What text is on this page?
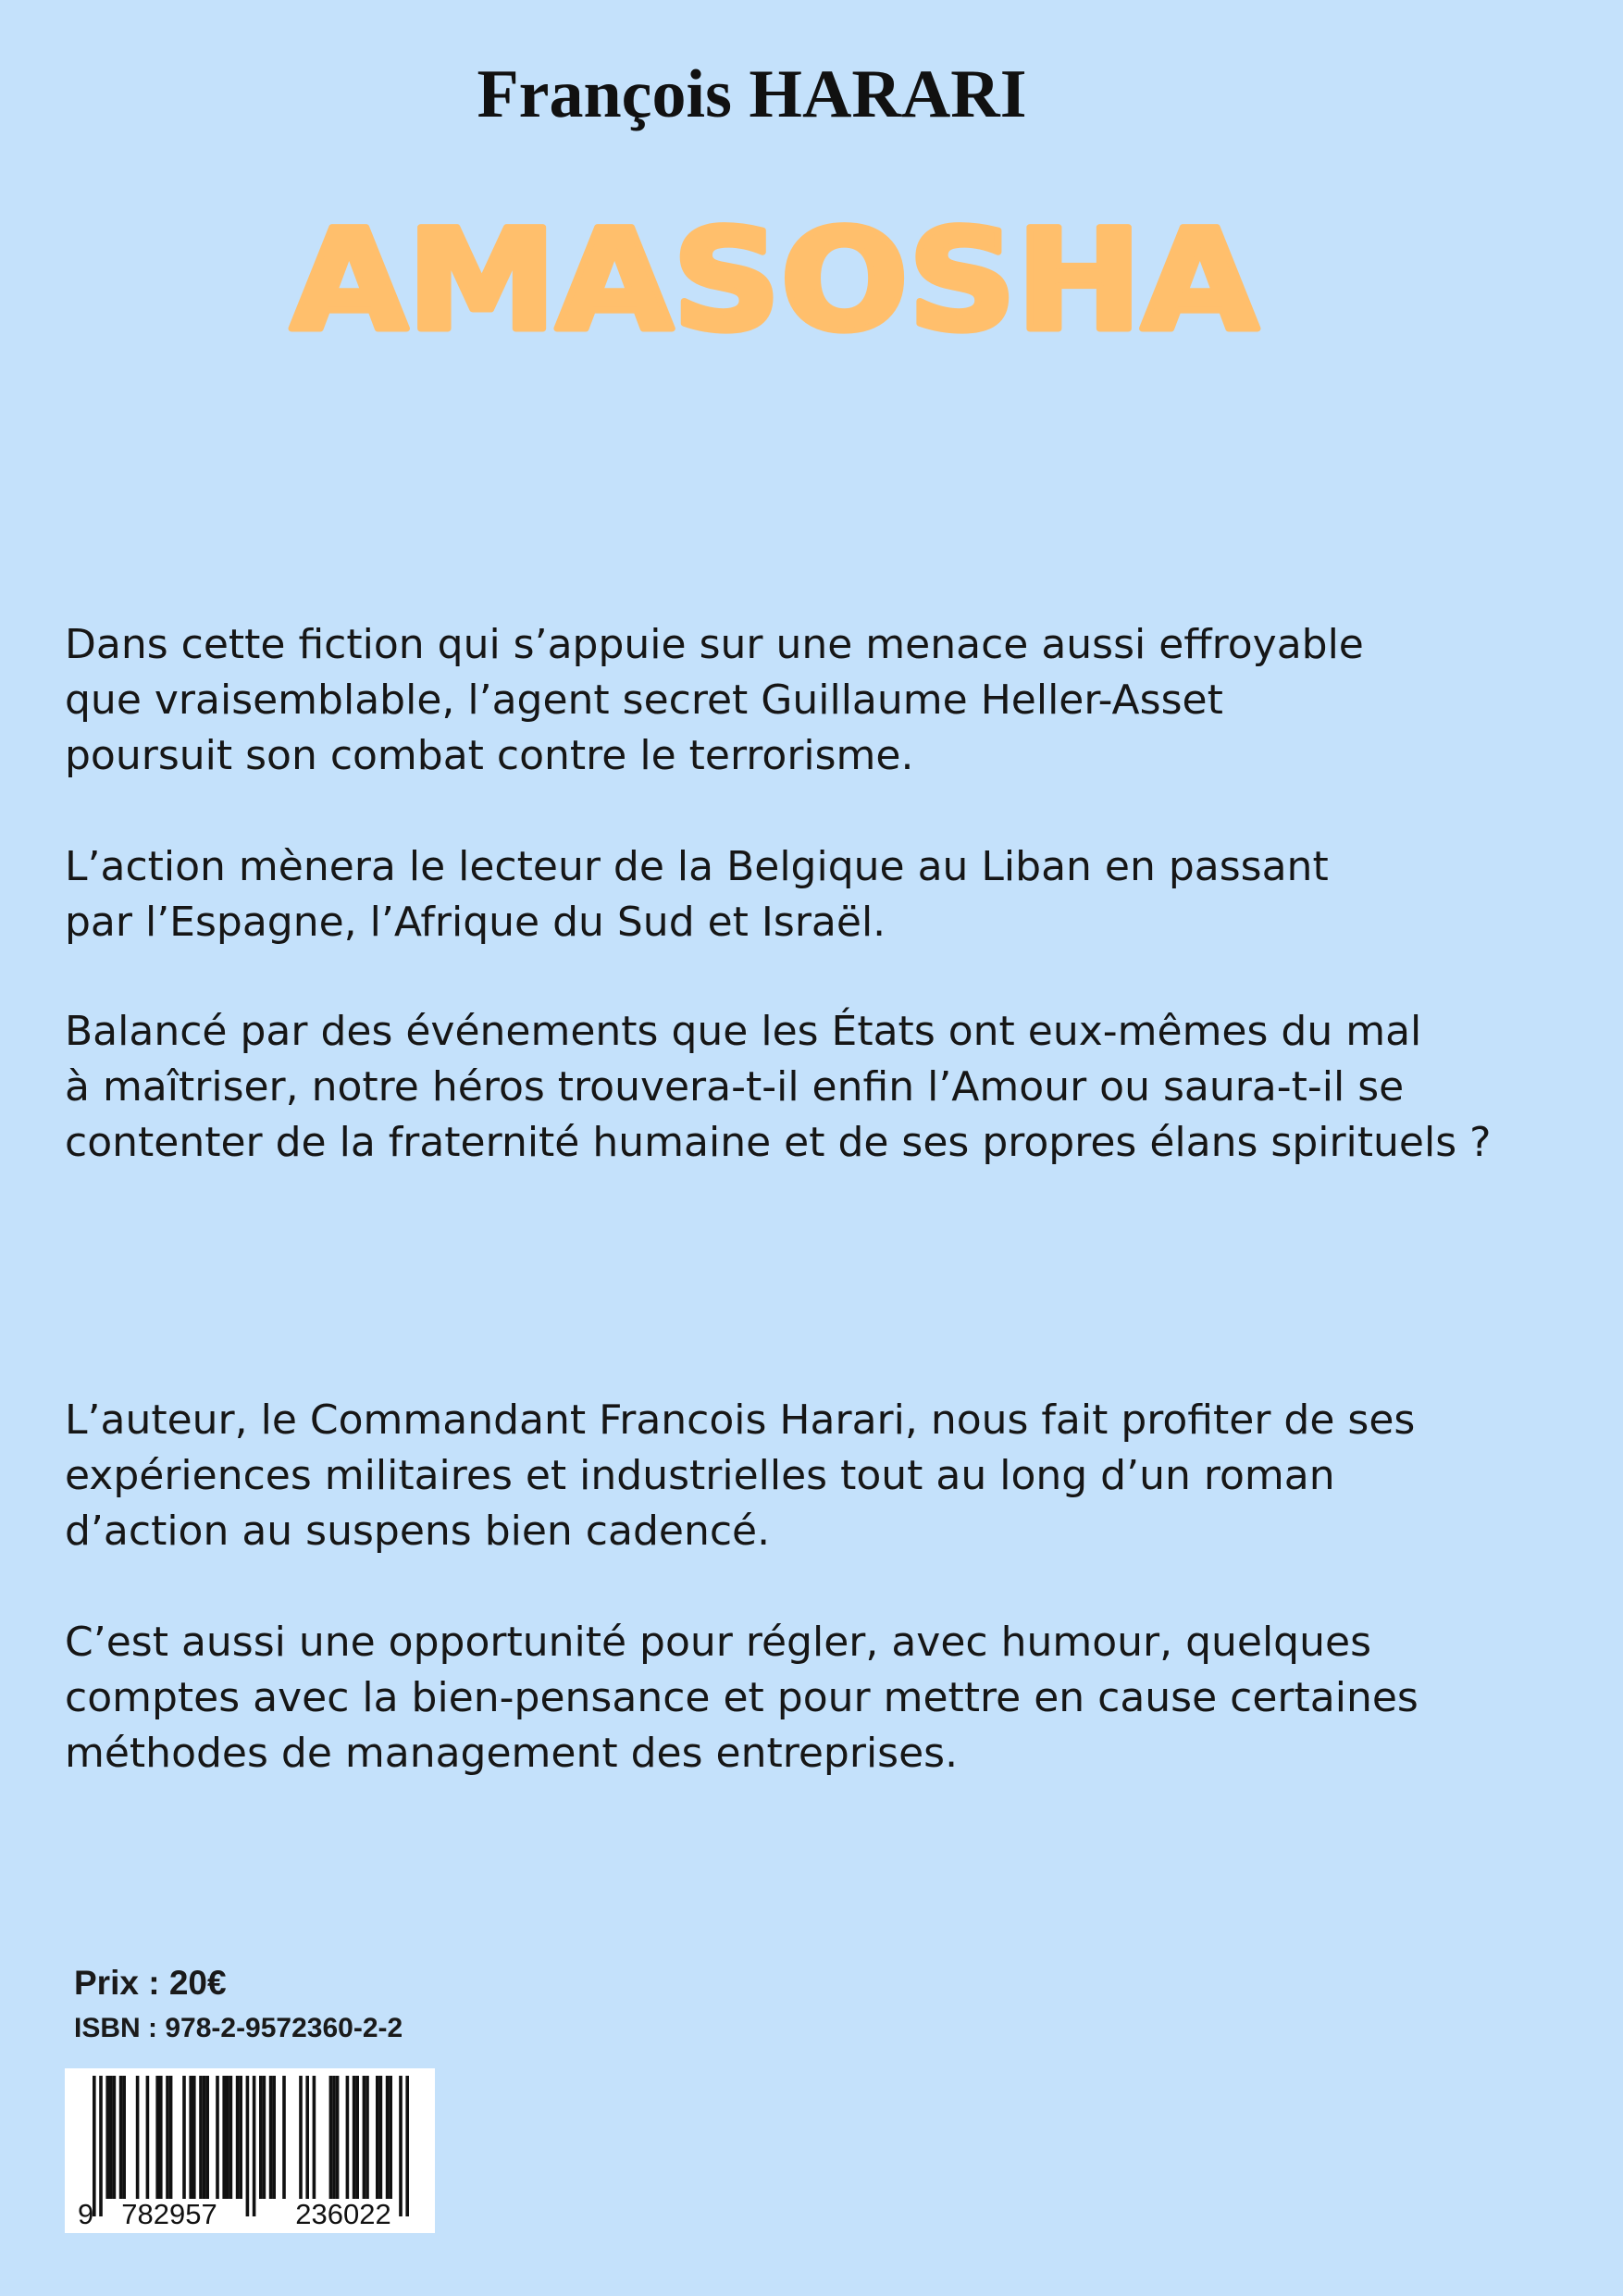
François HARARI
AMASOSHA

Dans cette fiction qui s’appuie sur une menace aussi effroyable
que vraisemblable, l’agent secret Guillaume Heller-Asset
poursuit son combat contre le terrorisme.

L’action mènera le lecteur de la Belgique au Liban en passant
par l’Espagne, l’Afrique du Sud et Israël.

Balancé par des événements que les États ont eux-mêmes du mal
à maîtriser, notre héros trouvera-t-il enfin l’Amour ou saura-t-il se
contenter de la fraternité humaine et de ses propres élans spirituels ?

L’auteur, le Commandant Francois Harari, nous fait profiter de ses
expériences militaires et industrielles tout au long d’un roman
d’action au suspens bien cadencé.

C’est aussi une opportunité pour régler, avec humour, quelques
comptes avec la bien-pensance et pour mettre en cause certaines
méthodes de management des entreprises.

Prix : 20€

ISBN : 978-2-9572360-2-2

9 782957	236022
